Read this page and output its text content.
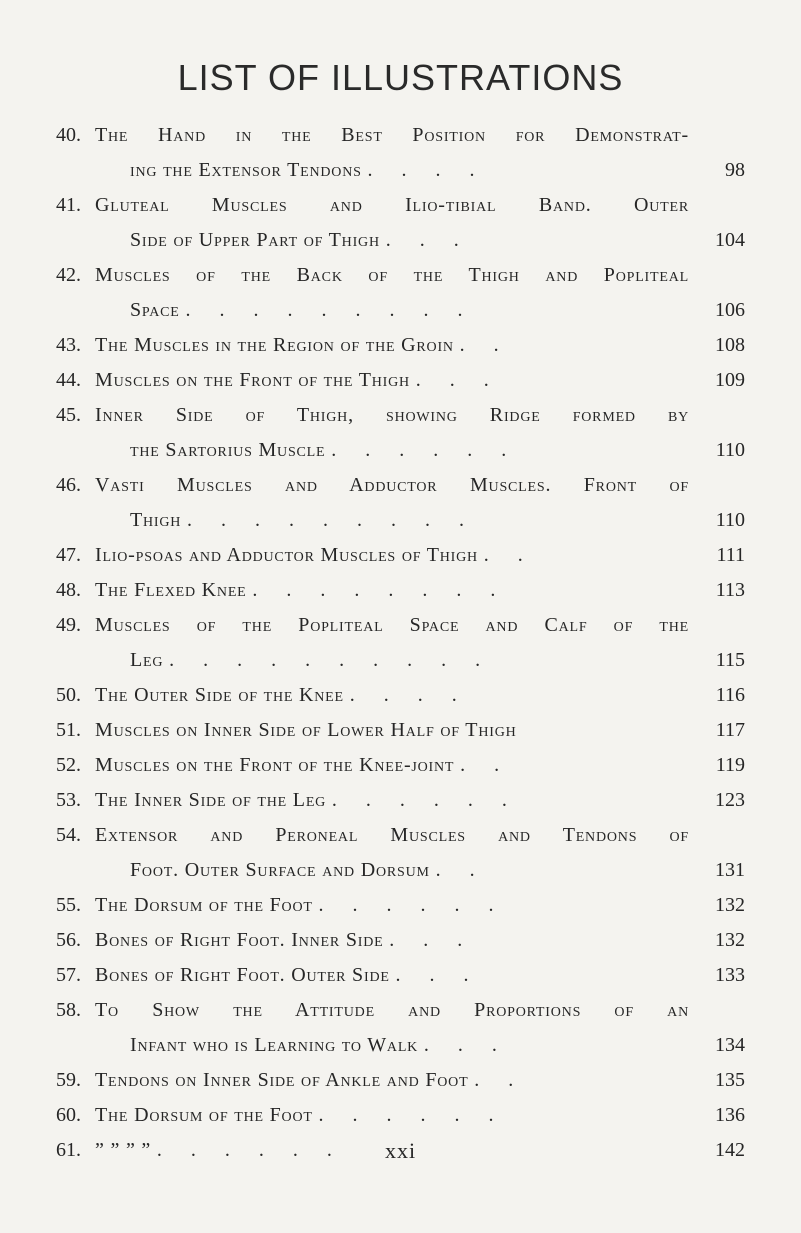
LIST OF ILLUSTRATIONS
40. The Hand in the Best Position for Demonstrat-
ing the Extensor Tendons . . . .	98
41. Gluteal Muscles and Ilio-tibial Band. Outer
Side of Upper Part of Thigh . . .	104
42. Muscles of the Back of the Thigh and Popliteal
Space . . . . . . . . .	106
43. The Muscles in the Region of the Groin . .	108
44. Muscles on the Front of the Thigh . . .	109
45. Inner Side of Thigh, showing Ridge formed by
the Sartorius Muscle . . . . . .	110
46. Vasti Muscles and Adductor Muscles. Front of
Thigh . . . . . . . . .	110
47. Ilio-psoas and Adductor Muscles of Thigh . .	111
48. The Flexed Knee . . . . . . . .	113
49. Muscles of the Popliteal Space and Calf of the
Leg . . . . . . . . . .	115
50. The Outer Side of the Knee . . . .	116
51. Muscles on Inner Side of Lower Half of Thigh	117
52. Muscles on the Front of the Knee-joint . .	119
53. The Inner Side of the Leg . . . . . .	123
54. Extensor and Peroneal Muscles and Tendons of
Foot. Outer Surface and Dorsum . .	131
55. The Dorsum of the Foot . . . . . .	132
56. Bones of Right Foot. Inner Side . . .	132
57. Bones of Right Foot. Outer Side . . .	133
58. To Show the Attitude and Proportions of an
Infant who is Learning to Walk . . .	134
59. Tendons on Inner Side of Ankle and Foot . .	135
60. The Dorsum of the Foot . . . . . .	136
61. ” ” ” ” . . . . . .	142
xxi
